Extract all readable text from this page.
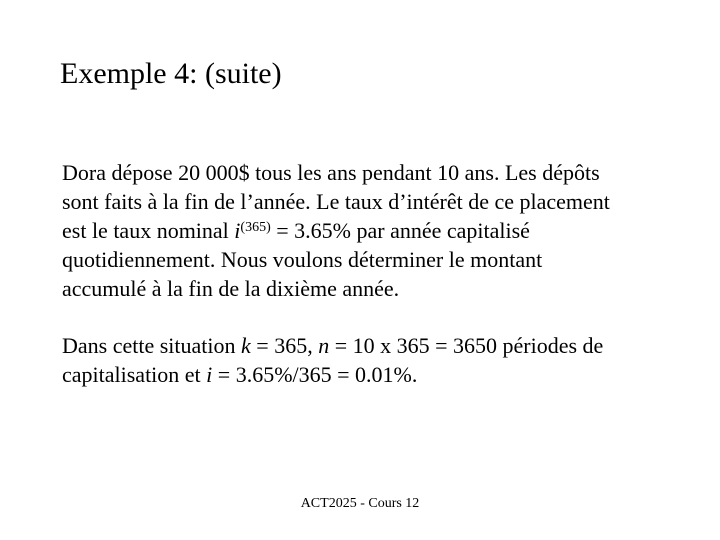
Exemple 4: (suite)
Dora dépose 20 000$ tous les ans pendant 10 ans. Les dépôts
sont faits à la fin de l’année. Le taux d’intérêt de ce placement
est le taux nominal $i^{(365)} = 3.65\%$ par année capitalisé
quotidiennement. Nous voulons déterminer le montant
accumulé à la fin de la dixième année.
Dans cette situation k = 365, n = 10 x 365 = 3650 périodes de
capitalisation et i = 3.65%/365 = 0.01%.
ACT2025 - Cours 12
